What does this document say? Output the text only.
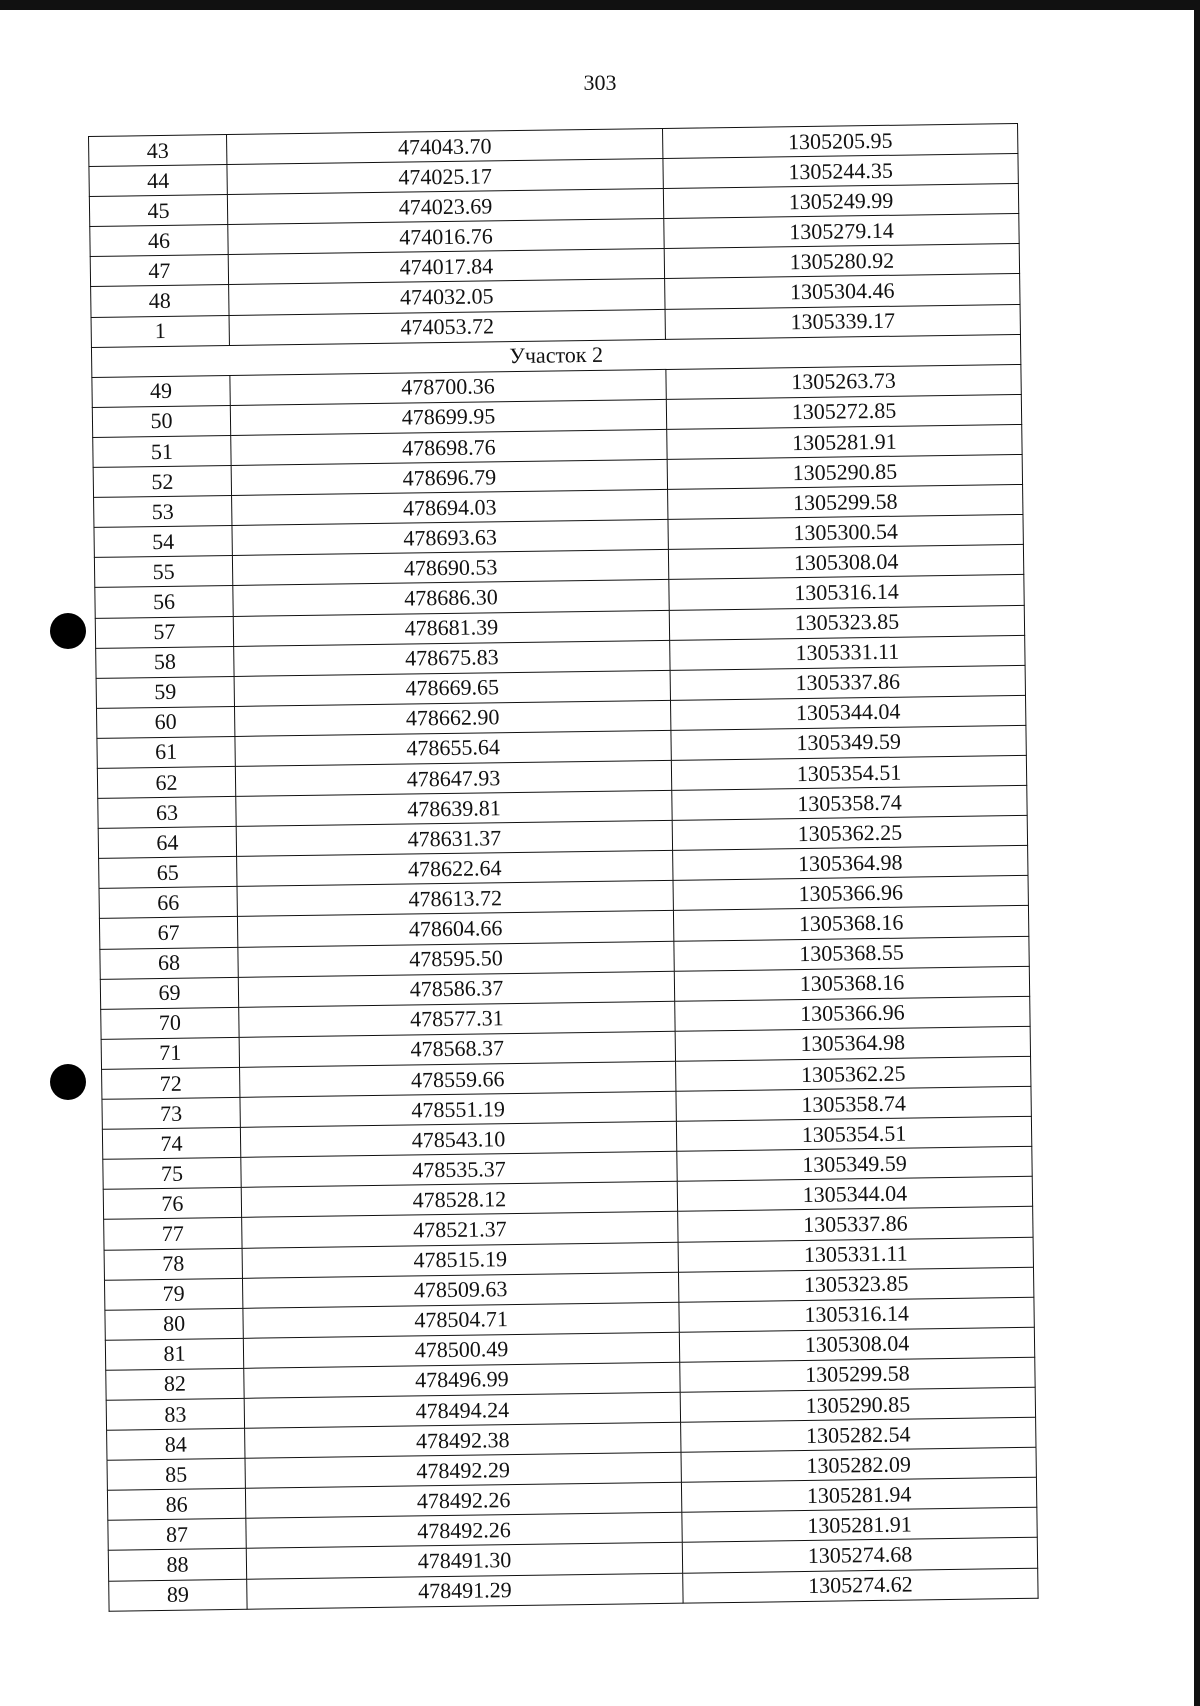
303
43	474043.70	1305205.95
44	474025.17	1305244.35
45	474023.69	1305249.99
46	474016.76	1305279.14
47	474017.84	1305280.92
48	474032.05	1305304.46
1	474053.72	1305339.17
Участок 2		
49	478700.36	1305263.73
50	478699.95	1305272.85
51	478698.76	1305281.91
52	478696.79	1305290.85
53	478694.03	1305299.58
54	478693.63	1305300.54
55	478690.53	1305308.04
56	478686.30	1305316.14
57	478681.39	1305323.85
58	478675.83	1305331.11
59	478669.65	1305337.86
60	478662.90	1305344.04
61	478655.64	1305349.59
62	478647.93	1305354.51
63	478639.81	1305358.74
64	478631.37	1305362.25
65	478622.64	1305364.98
66	478613.72	1305366.96
67	478604.66	1305368.16
68	478595.50	1305368.55
69	478586.37	1305368.16
70	478577.31	1305366.96
71	478568.37	1305364.98
72	478559.66	1305362.25
73	478551.19	1305358.74
74	478543.10	1305354.51
75	478535.37	1305349.59
76	478528.12	1305344.04
77	478521.37	1305337.86
78	478515.19	1305331.11
79	478509.63	1305323.85
80	478504.71	1305316.14
81	478500.49	1305308.04
82	478496.99	1305299.58
83	478494.24	1305290.85
84	478492.38	1305282.54
85	478492.29	1305282.09
86	478492.26	1305281.94
87	478492.26	1305281.91
88	478491.30	1305274.68
89	478491.29	1305274.62
